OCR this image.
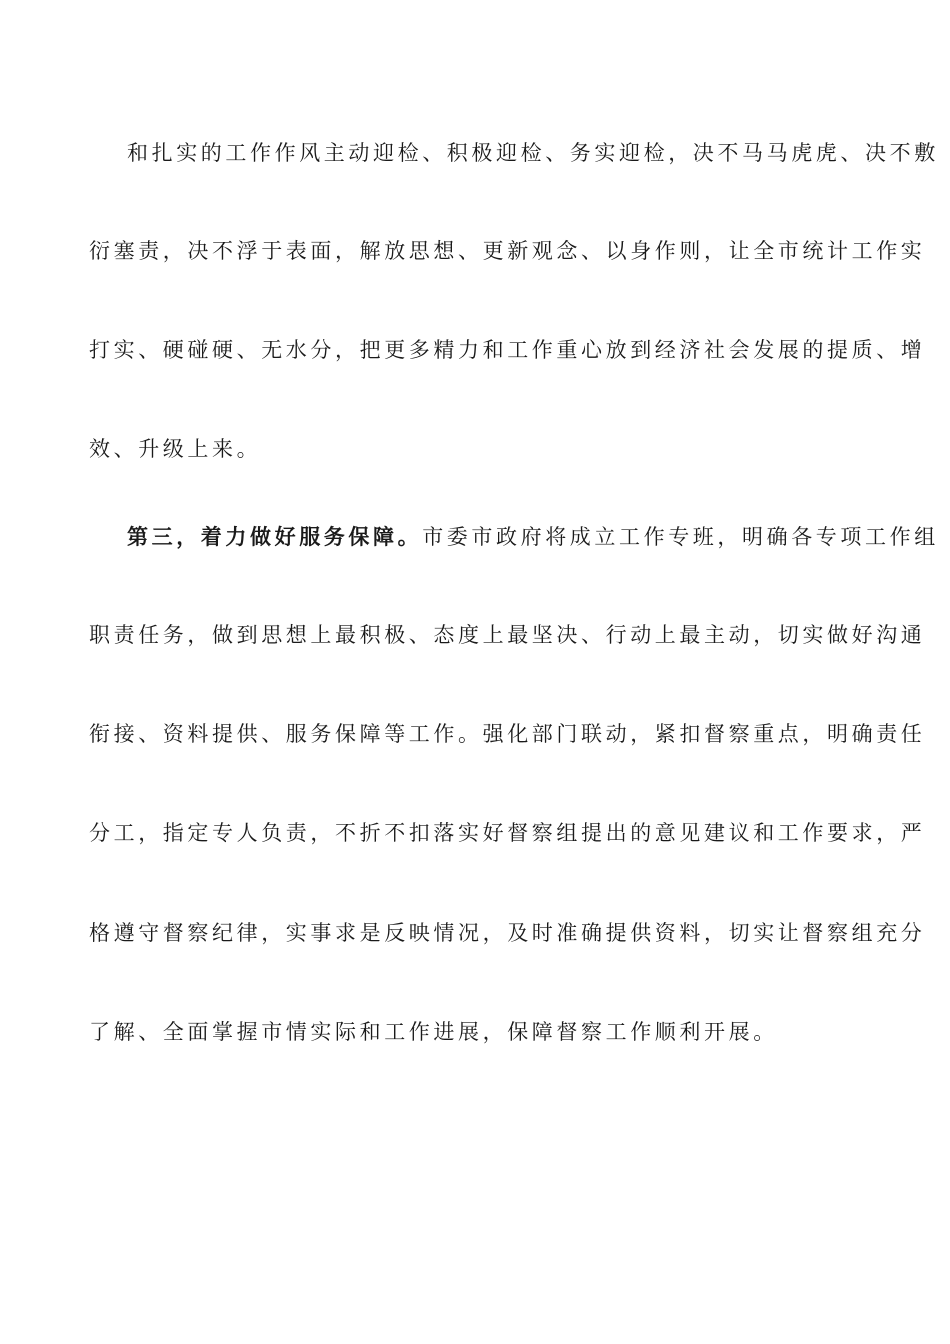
和扎实的工作作风主动迎检、积极迎检、务实迎检，决不马马虎虎、决不敷
衍塞责，决不浮于表面，解放思想、更新观念、以身作则，让全市统计工作实
打实、硬碰硬、无水分，把更多精力和工作重心放到经济社会发展的提质、增
效、升级上来。
第三，着力做好服务保障。市委市政府将成立工作专班，明确各专项工作组
职责任务，做到思想上最积极、态度上最坚决、行动上最主动，切实做好沟通
衔接、资料提供、服务保障等工作。强化部门联动，紧扣督察重点，明确责任
分工，指定专人负责，不折不扣落实好督察组提出的意见建议和工作要求，严
格遵守督察纪律，实事求是反映情况，及时准确提供资料，切实让督察组充分
了解、全面掌握市情实际和工作进展，保障督察工作顺利开展。
